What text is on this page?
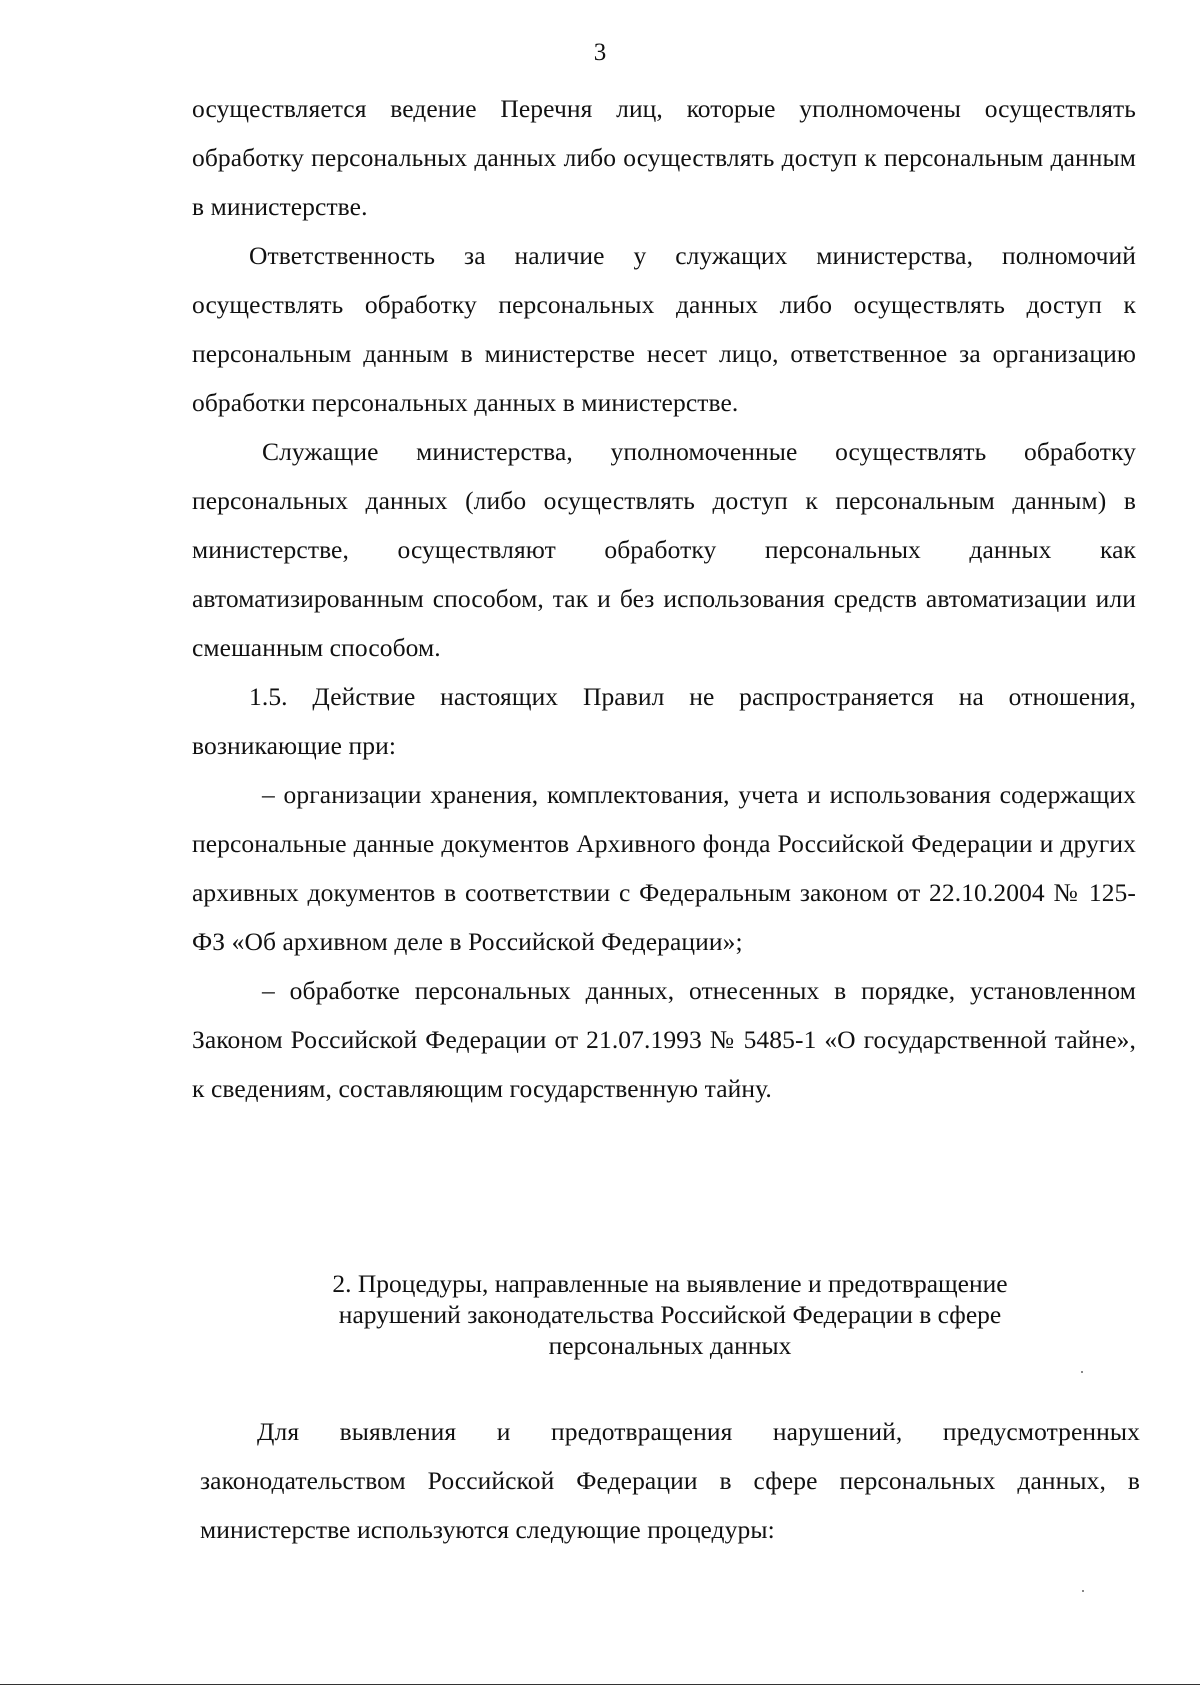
3

осуществляется ведение Перечня лиц, которые уполномочены осуществлять обработку персональных данных либо осуществлять доступ к персональным данным в министерстве.

Ответственность за наличие у служащих министерства, полномочий осуществлять обработку персональных данных либо осуществлять доступ к персональным данным в министерстве несет лицо, ответственное за организацию обработки персональных данных в министерстве.

Служащие министерства, уполномоченные осуществлять обработку персональных данных (либо осуществлять доступ к персональным данным) в министерстве, осуществляют обработку персональных данных как автоматизированным способом, так и без использования средств автоматизации или смешанным способом.

1.5. Действие настоящих Правил не распространяется на отношения, возникающие при:

– организации хранения, комплектования, учета и использования содержащих персональные данные документов Архивного фонда Российской Федерации и других архивных документов в соответствии с Федеральным законом от 22.10.2004 № 125-ФЗ «Об архивном деле в Российской Федерации»;

– обработке персональных данных, отнесенных в порядке, установленном Законом Российской Федерации от 21.07.1993 № 5485-1 «О государственной тайне», к сведениям, составляющим государственную тайну.

2. Процедуры, направленные на выявление и предотвращение
нарушений законодательства Российской Федерации в сфере
персональных данных

Для выявления и предотвращения нарушений, предусмотренных законодательством Российской Федерации в сфере персональных данных, в министерстве используются следующие процедуры:
